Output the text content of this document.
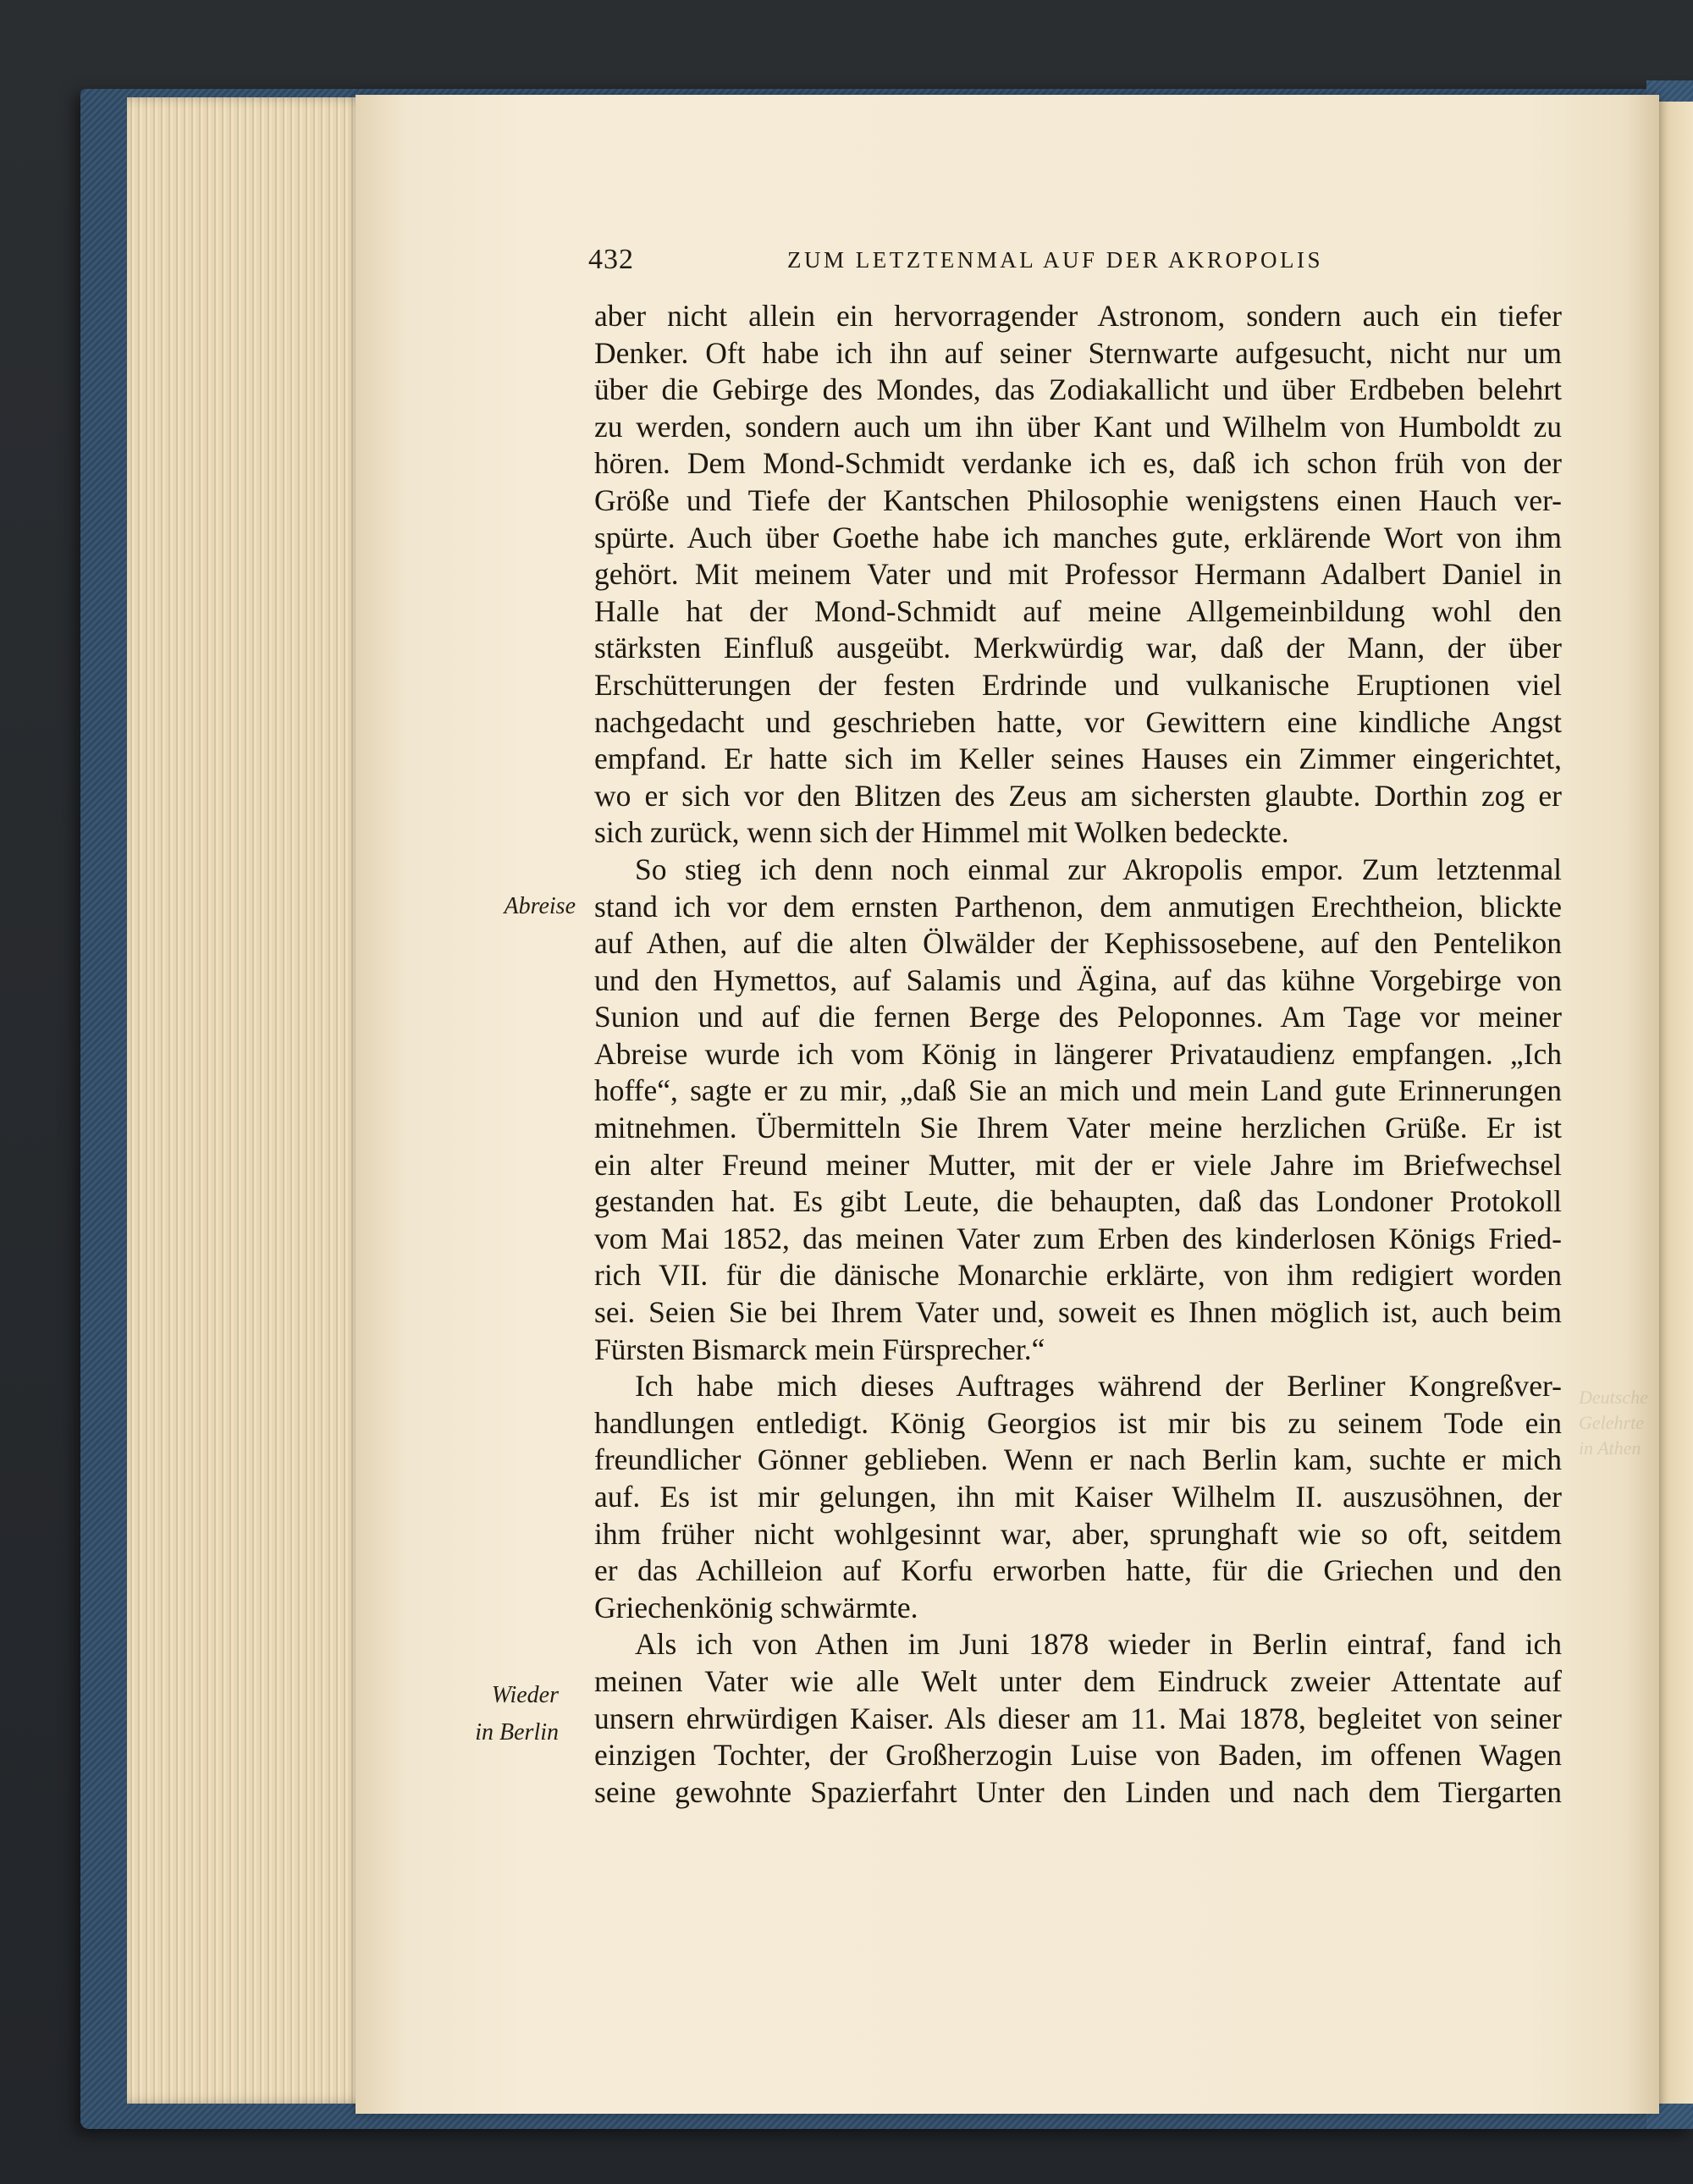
Deutsche
Gelehrte
in Athen
432	ZUM LETZTENMAL AUF DER AKROPOLIS
Abreise
Wieder
in Berlin
aber nicht allein ein hervorragender Astronom, sondern auch ein tiefer
Denker. Oft habe ich ihn auf seiner Sternwarte aufgesucht, nicht nur um
über die Gebirge des Mondes, das Zodiakallicht und über Erdbeben belehrt
zu werden, sondern auch um ihn über Kant und Wilhelm von Humboldt zu
hören. Dem Mond-Schmidt verdanke ich es, daß ich schon früh von der
Größe und Tiefe der Kantschen Philosophie wenigstens einen Hauch ver-
spürte. Auch über Goethe habe ich manches gute, erklärende Wort von ihm
gehört. Mit meinem Vater und mit Professor Hermann Adalbert Daniel in
Halle hat der Mond-Schmidt auf meine Allgemeinbildung wohl den
stärksten Einfluß ausgeübt. Merkwürdig war, daß der Mann, der über
Erschütterungen der festen Erdrinde und vulkanische Eruptionen viel
nachgedacht und geschrieben hatte, vor Gewittern eine kindliche Angst
empfand. Er hatte sich im Keller seines Hauses ein Zimmer eingerichtet,
wo er sich vor den Blitzen des Zeus am sichersten glaubte. Dorthin zog er
sich zurück, wenn sich der Himmel mit Wolken bedeckte.
So stieg ich denn noch einmal zur Akropolis empor. Zum letztenmal
stand ich vor dem ernsten Parthenon, dem anmutigen Erechtheion, blickte
auf Athen, auf die alten Ölwälder der Kephissosebene, auf den Pentelikon
und den Hymettos, auf Salamis und Ägina, auf das kühne Vorgebirge von
Sunion und auf die fernen Berge des Peloponnes. Am Tage vor meiner
Abreise wurde ich vom König in längerer Privataudienz empfangen. „Ich
hoffe“, sagte er zu mir, „daß Sie an mich und mein Land gute Erinnerungen
mitnehmen. Übermitteln Sie Ihrem Vater meine herzlichen Grüße. Er ist
ein alter Freund meiner Mutter, mit der er viele Jahre im Briefwechsel
gestanden hat. Es gibt Leute, die behaupten, daß das Londoner Protokoll
vom Mai 1852, das meinen Vater zum Erben des kinderlosen Königs Fried-
rich VII. für die dänische Monarchie erklärte, von ihm redigiert worden
sei. Seien Sie bei Ihrem Vater und, soweit es Ihnen möglich ist, auch beim
Fürsten Bismarck mein Fürsprecher.“
Ich habe mich dieses Auftrages während der Berliner Kongreßver-
handlungen entledigt. König Georgios ist mir bis zu seinem Tode ein
freundlicher Gönner geblieben. Wenn er nach Berlin kam, suchte er mich
auf. Es ist mir gelungen, ihn mit Kaiser Wilhelm II. auszusöhnen, der
ihm früher nicht wohlgesinnt war, aber, sprunghaft wie so oft, seitdem
er das Achilleion auf Korfu erworben hatte, für die Griechen und den
Griechenkönig schwärmte.
Als ich von Athen im Juni 1878 wieder in Berlin eintraf, fand ich
meinen Vater wie alle Welt unter dem Eindruck zweier Attentate auf
unsern ehrwürdigen Kaiser. Als dieser am 11. Mai 1878, begleitet von seiner
einzigen Tochter, der Großherzogin Luise von Baden, im offenen Wagen
seine gewohnte Spazierfahrt Unter den Linden und nach dem Tiergarten
